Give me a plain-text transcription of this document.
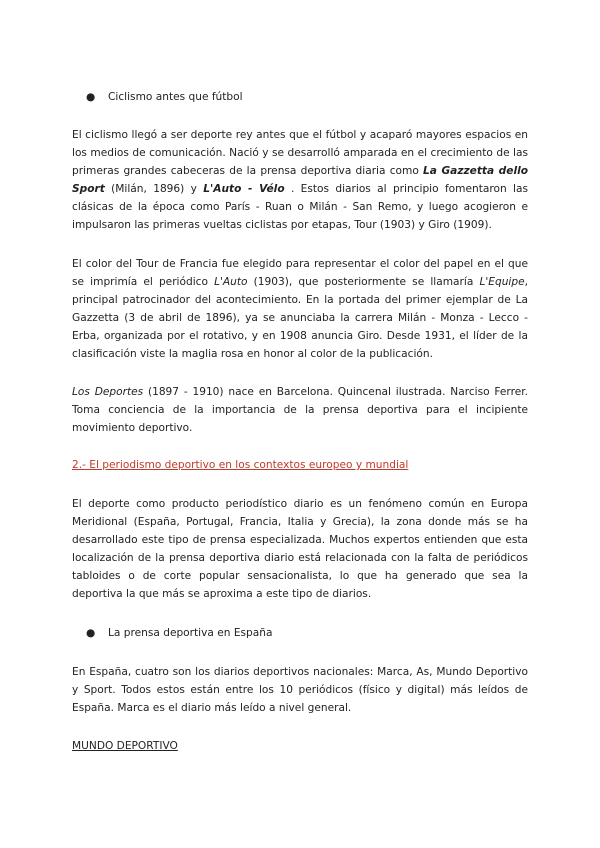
● Ciclismo antes que fútbol

El ciclismo llegó a ser deporte rey antes que el fútbol y acaparó mayores espacios en los medios de comunicación. Nació y se desarrolló amparada en el crecimiento de las primeras grandes cabeceras de la prensa deportiva diaria como La Gazzetta dello Sport (Milán, 1896) y L'Auto - Vélo . Estos diarios al principio fomentaron las clásicas de la época como París - Ruan o Milán - San Remo, y luego acogieron e impulsaron las primeras vueltas ciclistas por etapas, Tour (1903) y Giro (1909).

El color del Tour de Francia fue elegido para representar el color del papel en el que se imprimía el periódico L'Auto (1903), que posteriormente se llamaría L'Equipe, principal patrocinador del acontecimiento. En la portada del primer ejemplar de La Gazzetta (3 de abril de 1896), ya se anunciaba la carrera Milán - Monza - Lecco - Erba, organizada por el rotativo, y en 1908 anuncia Giro. Desde 1931, el líder de la clasificación viste la maglia rosa en honor al color de la publicación.

Los Deportes (1897 - 1910) nace en Barcelona. Quincenal ilustrada. Narciso Ferrer. Toma conciencia de la importancia de la prensa deportiva para el incipiente movimiento deportivo.

2.- El periodismo deportivo en los contextos europeo y mundial

El deporte como producto periodístico diario es un fenómeno común en Europa Meridional (España, Portugal, Francia, Italia y Grecia), la zona donde más se ha desarrollado este tipo de prensa especializada. Muchos expertos entienden que esta localización de la prensa deportiva diario está relacionada con la falta de periódicos tabloides o de corte popular sensacionalista, lo que ha generado que sea la deportiva la que más se aproxima a este tipo de diarios.

● La prensa deportiva en España

En España, cuatro son los diarios deportivos nacionales: Marca, As, Mundo Deportivo y Sport. Todos estos están entre los 10 periódicos (físico y digital) más leídos de España. Marca es el diario más leído a nivel general.

MUNDO DEPORTIVO
